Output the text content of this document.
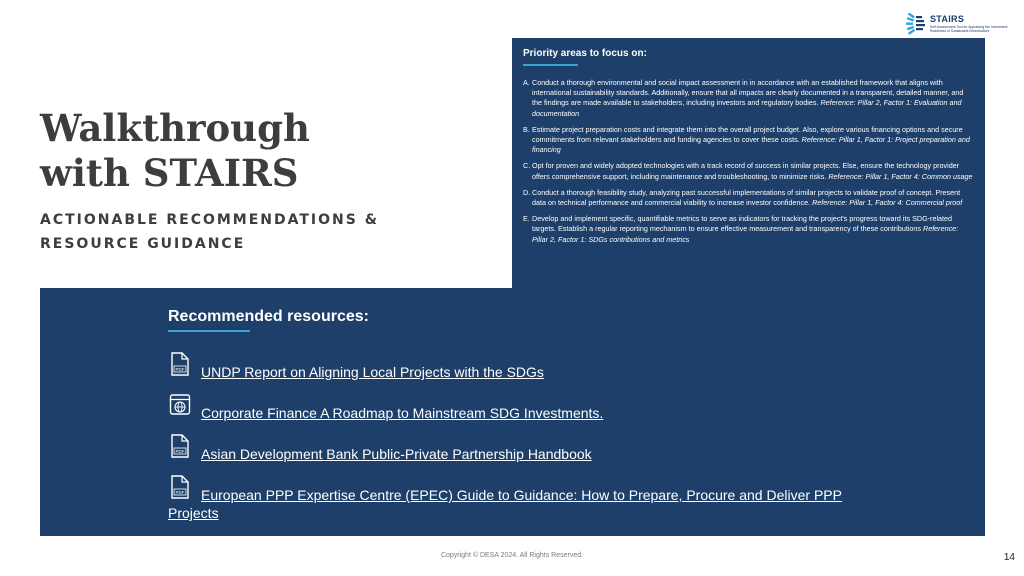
STAIRS
Self-Assessment Tool for Appraising the Investment Readiness of Sustainable Infrastructure
Walkthrough
with STAIRS
ACTIONABLE RECOMMENDATIONS &
RESOURCE GUIDANCE
Priority areas to focus on:
A. Conduct a thorough environmental and social impact assessment in in accordance with an established framework that aligns with international sustainability standards. Additionally, ensure that all impacts are clearly documented in a transparent, detailed manner, and the findings are made available to stakeholders, including investors and regulatory bodies. Reference: Pillar 2, Factor 1: Evaluation and documentation
B. Estimate project preparation costs and integrate them into the overall project budget. Also, explore various financing options and secure commitments from relevant stakeholders and funding agencies to cover these costs. Reference: Pillar 1, Factor 1: Project preparation and financing
C. Opt for proven and widely adopted technologies with a track record of success in similar projects. Else, ensure the technology provider offers comprehensive support, including maintenance and troubleshooting, to minimize risks. Reference: Pillar 1, Factor 4: Common usage
D. Conduct a thorough feasibility study, analyzing past successful implementations of similar projects to validate proof of concept. Present data on technical performance and commercial viability to increase investor confidence. Reference: Pillar 1, Factor 4: Commercial proof
E. Develop and implement specific, quantifiable metrics to serve as indicators for tracking the project's progress toward its SDG-related targets. Establish a regular reporting mechanism to ensure effective measurement and transparency of these contributions Reference: Pillar 2, Factor 1: SDGs contributions and metrics
Recommended resources:
PDF UNDP Report on Aligning Local Projects with the SDGs
Corporate Finance A Roadmap to Mainstream SDG Investments.
PDF Asian Development Bank Public-Private Partnership Handbook
PDF European PPP Expertise Centre (EPEC) Guide to Guidance: How to Prepare, Procure and Deliver PPP Projects
Copyright © DESA 2024. All Rights Reserved.	14
